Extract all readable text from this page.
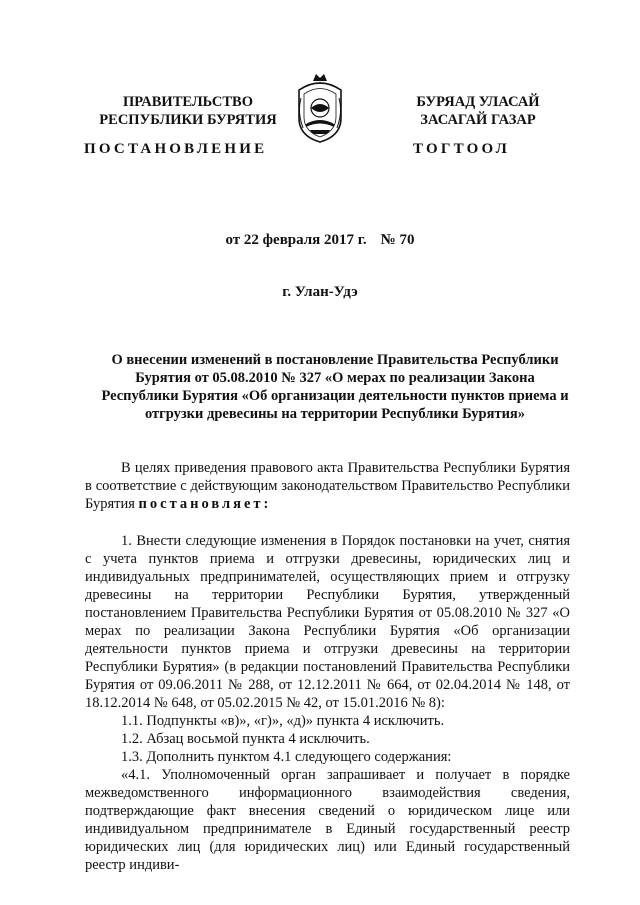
ПРАВИТЕЛЬСТВО
РЕСПУБЛИКИ БУРЯТИЯ
БУРЯАД УЛАСАЙ
ЗАСАГАЙ ГАЗАР
ПОСТАНОВЛЕНИЕ	ТОГТООЛ
от 22 февраля 2017 г. № 70
г. Улан-Удэ
О внесении изменений в постановление Правительства Республики Бурятия от 05.08.2010 № 327 «О мерах по реализации Закона Республики Бурятия «Об организации деятельности пунктов приема и отгрузки древесины на территории Республики Бурятия»

В целях приведения правового акта Правительства Республики Бурятия в соответствие с действующим законодательством Правительство Республики Бурятия постановляет:

1. Внести следующие изменения в Порядок постановки на учет, снятия с учета пунктов приема и отгрузки древесины, юридических лиц и индивидуальных предпринимателей, осуществляющих прием и отгрузку древесины на территории Республики Бурятия, утвержденный постановлением Правительства Республики Бурятия от 05.08.2010 № 327 «О мерах по реализации Закона Республики Бурятия «Об организации деятельности пунктов приема и отгрузки древесины на территории Республики Бурятия» (в редакции постановлений Правительства Республики Бурятия от 09.06.2011 № 288, от 12.12.2011 № 664, от 02.04.2014 № 148, от 18.12.2014 № 648, от 05.02.2015 № 42, от 15.01.2016 № 8):

1.1. Подпункты «в)», «г)», «д)» пункта 4 исключить.

1.2. Абзац восьмой пункта 4 исключить.

1.3. Дополнить пунктом 4.1 следующего содержания:

«4.1. Уполномоченный орган запрашивает и получает в порядке межведомственного информационного взаимодействия сведения, подтверждающие факт внесения сведений о юридическом лице или индивидуальном предпринимателе в Единый государственный реестр юридических лиц (для юридических лиц) или Единый государственный реестр индиви-
